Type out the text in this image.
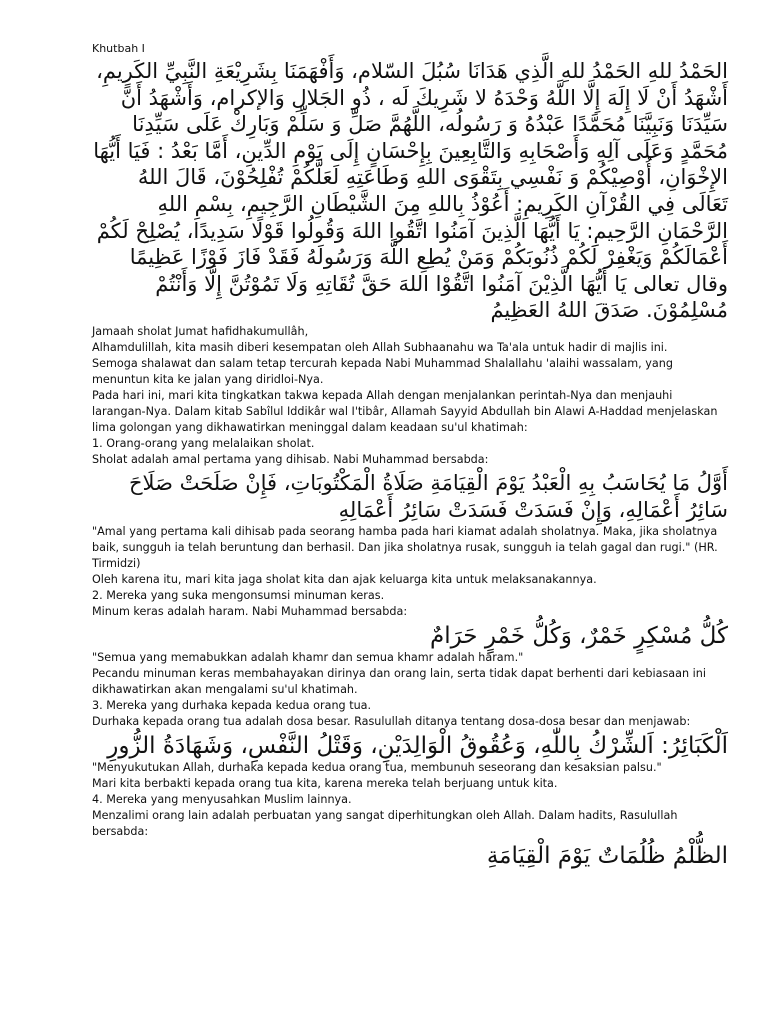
Khutbah I
الحَمْدُ للهِ الحَمْدُ للهِ الَّذِي هَدَانَا سُبُلَ السّلام، وَأَفْهَمَنَا بِشَرِيْعَةِ النَّبِيِّ الكَرِيمِ، أَشْهَدُ أَنْ لَا إِلَهَ إِلَّا اللَّهُ وَحْدَهُ لا شَرِيكَ لَه ، ذُو الجَلالِ وَالإكرام، وَأَشْهَدُ أَنَّ سَيِّدَنَا وَنَبِيَّنَا مُحَمَّدًا عَبْدُهُ وَ رَسُولُه، اللَّهُمَّ صَلِّ وَ سَلِّمْ وَبَارِكْ عَلَى سَيِّدِنَا مُحَمَّدٍ وَعَلَى آلِهِ وَأَصْحَابِهِ وَالتَّابِعِينَ بِإِحْسَانٍ إِلَى يَوْمِ الدِّينِ، أَمَّا بَعْدُ : فَيَا أَيُّهَا الإِخْوَانِ، أُوْصِيْكُمْ وَ نَفْسِي بِتَقْوَى اللهِ وَطَاعَتِهِ لَعَلَّكُمْ تُفْلِحُوْنَ، قَالَ اللهُ تَعَالَى فِي القُرْآنِ الكَرِيمِ: أَعُوْذُ بِاللهِ مِنَ الشَّيْطَانِ الرَّجِيمِ، بِسْمِ اللهِ الرَّحْمَانِ الرَّحِيمِ: يَا أَيُّهَا الَّذِينَ آمَنُوا اتَّقُوا اللهَ وَقُولُوا قَوْلًا سَدِيدًا، يُصْلِحْ لَكُمْ أَعْمَالَكُمْ وَيَغْفِرْ لَكُمْ ذُنُوبَكُمْ وَمَنْ يُطِعِ اللَّهَ وَرَسُولَهُ فَقَدْ فَازَ فَوْزًا عَظِيمًا وقال تعالى يَا أَيُّهَا الَّذِيْنَ آمَنُوا اتَّقُوْا اللهَ حَقَّ تُقَاتِهِ وَلَا تَمُوْتُنَّ إِلَّا وَأَنْتُمْ مُسْلِمُوْنَ. صَدَقَ اللهُ العَظِيمُ
Jamaah sholat Jumat hafidhakumullâh,
Alhamdulillah, kita masih diberi kesempatan oleh Allah Subhaanahu wa Ta'ala untuk hadir di majlis ini.
Semoga shalawat dan salam tetap tercurah kepada Nabi Muhammad Shalallahu 'alaihi wassalam, yang menuntun kita ke jalan yang diridloi-Nya.
Pada hari ini, mari kita tingkatkan takwa kepada Allah dengan menjalankan perintah-Nya dan menjauhi larangan-Nya. Dalam kitab Sabîlul Iddikâr wal I'tibâr, Allamah Sayyid Abdullah bin Alawi A-Haddad menjelaskan lima golongan yang dikhawatirkan meninggal dalam keadaan su'ul khatimah:
1. Orang-orang yang melalaikan sholat.
Sholat adalah amal pertama yang dihisab. Nabi Muhammad bersabda:
أَوَّلُ مَا يُحَاسَبُ بِهِ الْعَبْدُ يَوْمَ الْقِيَامَةِ صَلَاةُ الْمَكْتُوبَاتِ، فَإِنْ صَلَحَتْ صَلَاحَ سَائِرُ أَعْمَالِهِ، وَإِنْ فَسَدَتْ فَسَدَتْ سَائِرُ أَعْمَالِهِ
"Amal yang pertama kali dihisab pada seorang hamba pada hari kiamat adalah sholatnya. Maka, jika sholatnya baik, sungguh ia telah beruntung dan berhasil. Dan jika sholatnya rusak, sungguh ia telah gagal dan rugi." (HR. Tirmidzi)
Oleh karena itu, mari kita jaga sholat kita dan ajak keluarga kita untuk melaksanakannya.
2. Mereka yang suka mengonsumsi minuman keras.
Minum keras adalah haram. Nabi Muhammad bersabda:
كُلُّ مُسْكِرٍ خَمْرٌ، وَكُلُّ خَمْرٍ حَرَامٌ
"Semua yang memabukkan adalah khamr dan semua khamr adalah haram."
Pecandu minuman keras membahayakan dirinya dan orang lain, serta tidak dapat berhenti dari kebiasaan ini dikhawatirkan akan mengalami su'ul khatimah.
3. Mereka yang durhaka kepada kedua orang tua.
Durhaka kepada orang tua adalah dosa besar. Rasulullah ditanya tentang dosa-dosa besar dan menjawab:
اَلْكَبَائِرُ: اَلشِّرْكُ بِاللّٰهِ، وَعُقُوقُ الْوَالِدَيْنِ، وَقَتْلُ النَّفْسِ، وَشَهَادَةُ الزُّورِ
"Menyukutukan Allah, durhaka kepada kedua orang tua, membunuh seseorang dan kesaksian palsu."
Mari kita berbakti kepada orang tua kita, karena mereka telah berjuang untuk kita.
4. Mereka yang menyusahkan Muslim lainnya.
Menzalimi orang lain adalah perbuatan yang sangat diperhitungkan oleh Allah. Dalam hadits, Rasulullah bersabda:
الظُّلْمُ ظُلُمَاتٌ يَوْمَ الْقِيَامَةِ
